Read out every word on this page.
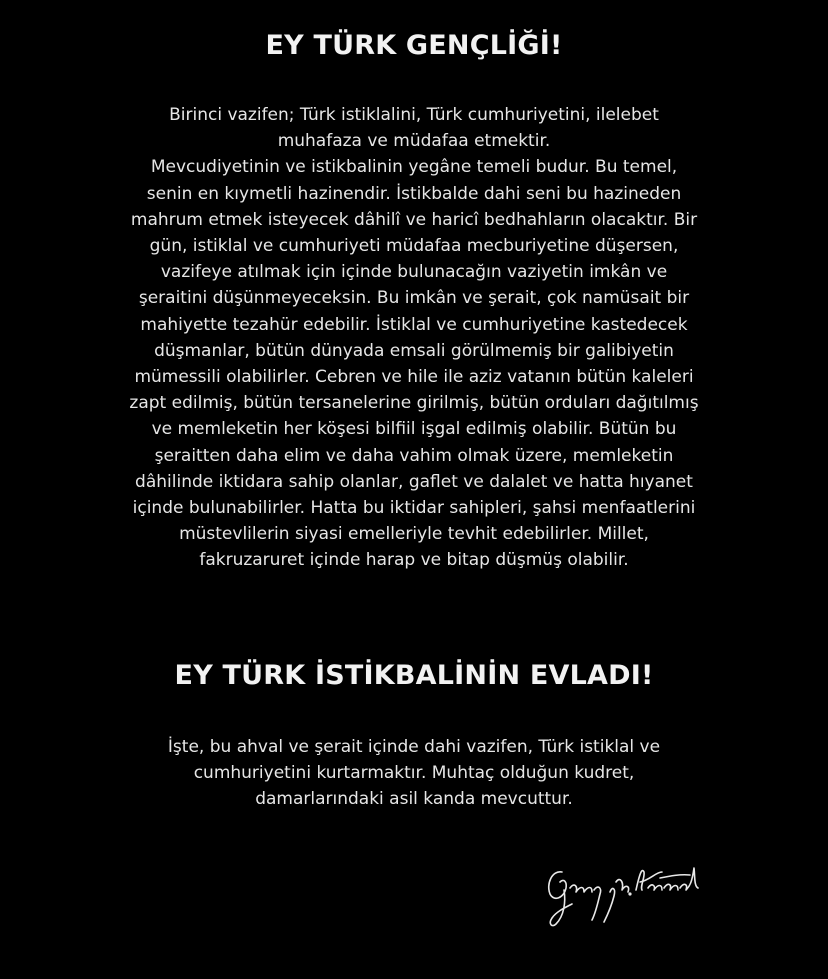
EY TÜRK GENÇLİĞİ!

Birinci vazifen; Türk istiklalini, Türk cumhuriyetini, ilelebet
muhafaza ve müdafaa etmektir.
Mevcudiyetinin ve istikbalinin yegâne temeli budur. Bu temel,
senin en kıymetli hazinendir. İstikbalde dahi seni bu hazineden
mahrum etmek isteyecek dâhilî ve haricî bedhahların olacaktır. Bir
gün, istiklal ve cumhuriyeti müdafaa mecburiyetine düşersen,
vazifeye atılmak için içinde bulunacağın vaziyetin imkân ve
şeraitini düşünmeyeceksin. Bu imkân ve şerait, çok namüsait bir
mahiyette tezahür edebilir. İstiklal ve cumhuriyetine kastedecek
düşmanlar, bütün dünyada emsali görülmemiş bir galibiyetin
mümessili olabilirler. Cebren ve hile ile aziz vatanın bütün kaleleri
zapt edilmiş, bütün tersanelerine girilmiş, bütün orduları dağıtılmış
ve memleketin her köşesi bilfiil işgal edilmiş olabilir. Bütün bu
şeraitten daha elim ve daha vahim olmak üzere, memleketin
dâhilinde iktidara sahip olanlar, gaflet ve dalalet ve hatta hıyanet
içinde bulunabilirler. Hatta bu iktidar sahipleri, şahsi menfaatlerini
müstevlilerin siyasi emelleriyle tevhit edebilirler. Millet,
fakruzaruret içinde harap ve bitap düşmüş olabilir.

EY TÜRK İSTİKBALİNİN EVLADI!

İşte, bu ahval ve şerait içinde dahi vazifen, Türk istiklal ve
cumhuriyetini kurtarmaktır. Muhtaç olduğun kudret,
damarlarındaki asil kanda mevcuttur.
